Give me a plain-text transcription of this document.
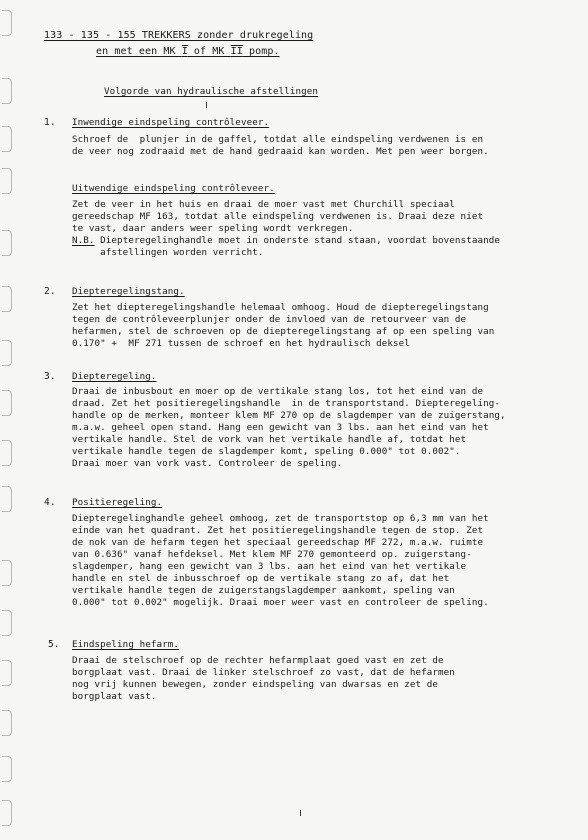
133 - 135 - 155 TREKKERS zonder drukregeling
en met een MK I of MK II pomp.
Volgorde van hydraulische afstellingen
1. Inwendige eindspeling contrôleveer.
Schroef de  plunjer in de gaffel, totdat alle eindspeling verdwenen is en
de veer nog zodraaid met de hand gedraaid kan worden. Met pen weer borgen.
Uitwendige eindspeling contrôleveer.
Zet de veer in het huis en draai de moer vast met Churchill speciaal
gereedschap MF 163, totdat alle eindspeling verdwenen is. Draai deze niet
te vast, daar anders weer speling wordt verkregen.
N.B. Diepteregelinghandle moet in onderste stand staan, voordat bovenstaande
afstellingen worden verricht.
2. Diepteregelingstang.
Zet het diepteregelingshandle helemaal omhoog. Houd de diepteregelingstang
tegen de contrôleveerplunjer onder de invloed van de retourveer van de
hefarmen, stel de schroeven op de diepteregelingstang af op een speling van
0.170" +  MF 271 tussen de schroef en het hydraulisch deksel
3. Diepteregeling.
Draai de inbusbout en moer op de vertikale stang los, tot het eind van de
draad. Zet het positieregelingshandle  in de transportstand. Diepteregeling-
handle op de merken, monteer klem MF 270 op de slagdemper van de zuigerstang,
m.a.w. geheel open stand. Hang een gewicht van 3 lbs. aan het eind van het
vertikale handle. Stel de vork van het vertikale handle af, totdat het
vertikale handle tegen de slagdemper komt, speling 0.000" tot 0.002".
Draai moer van vork vast. Controleer de speling.
4. Positieregeling.
Diepteregelinghandle geheel omhoog, zet de transportstop op 6,3 mm van het
einde van het quadrant. Zet het positieregelingshandle tegen de stop. Zet
de nok van de hefarm tegen het speciaal gereedschap MF 272, m.a.w. ruimte
van 0.636" vanaf hefdeksel. Met klem MF 270 gemonteerd op. zuigerstang-
slagdemper, hang een gewicht van 3 lbs. aan het eind van het vertikale
handle en stel de inbusschroef op de vertikale stang zo af, dat het
vertikale handle tegen de zuigerstangslagdemper aankomt, speling van
0.000" tot 0.002" mogelijk. Draai moer weer vast en controleer de speling.
5. Eindspeling hefarm.
Draai de stelschroef op de rechter hefarmplaat goed vast en zet de
borgplaat vast. Draai de linker stelschroef zo vast, dat de hefarmen
nog vrij kunnen bewegen, zonder eindspeling van dwarsas en zet de
borgplaat vast.
